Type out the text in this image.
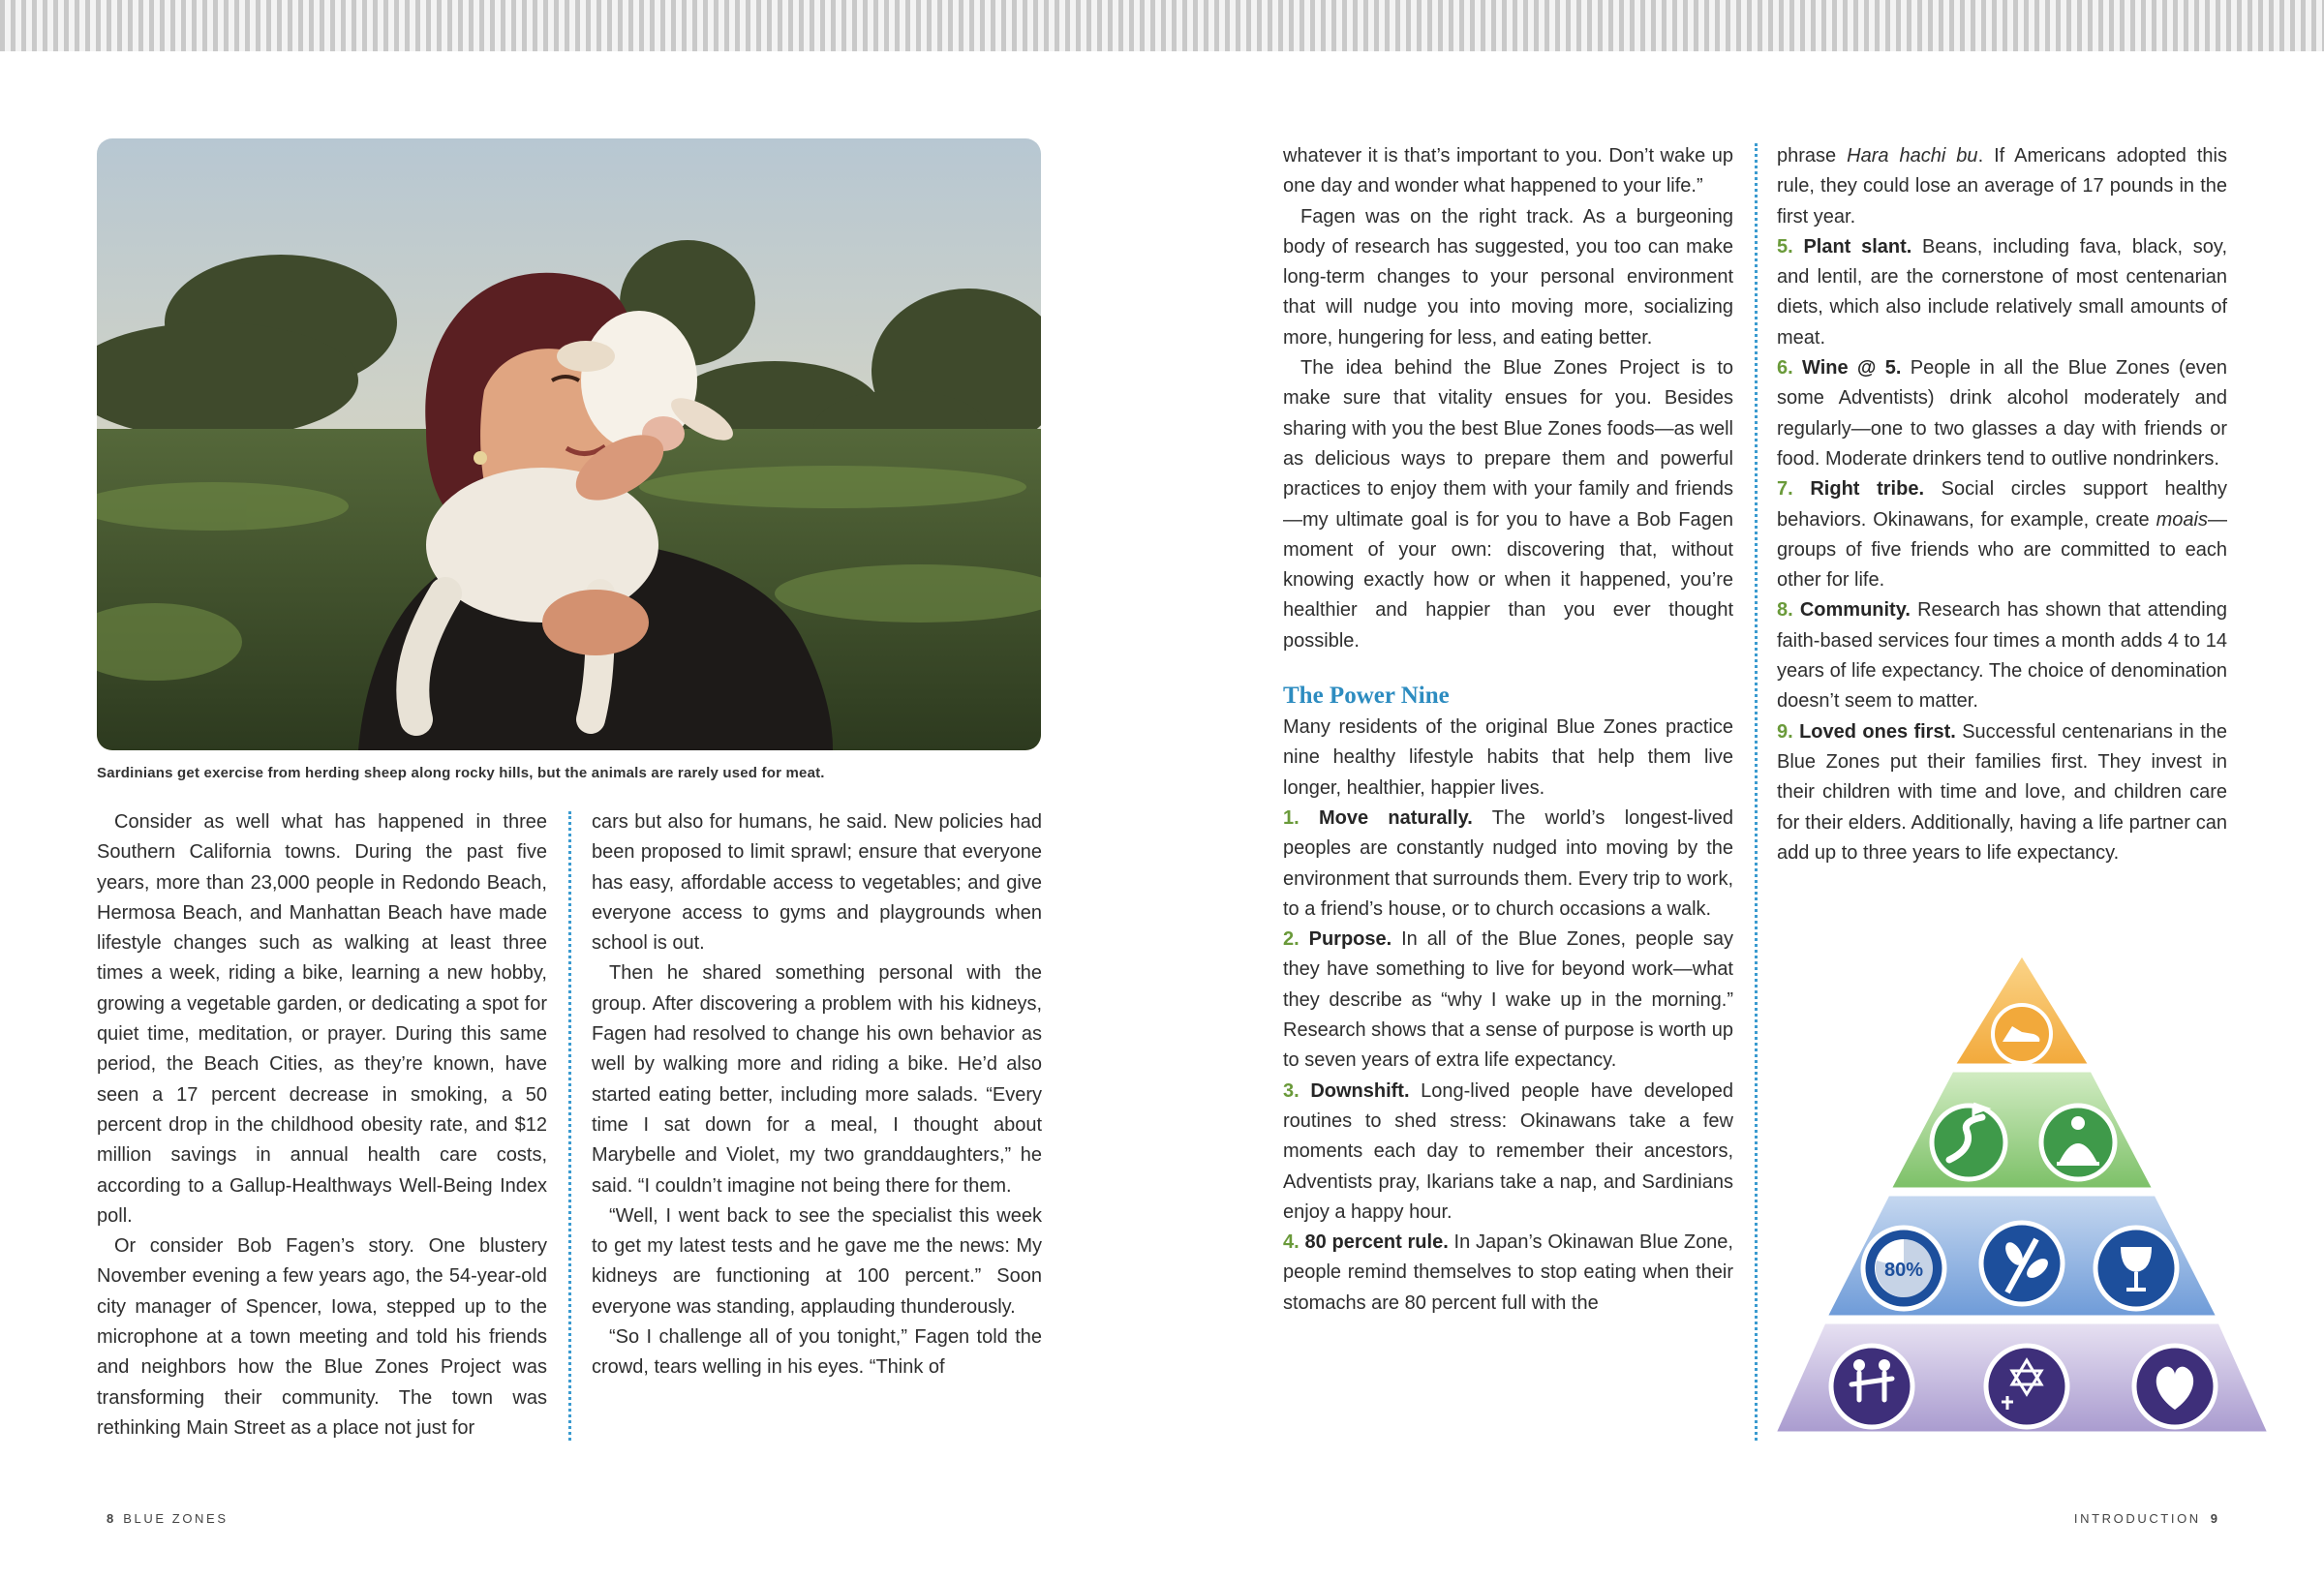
Sardinians get exercise from herding sheep along rocky hills, but the animals are rarely used for meat.

Consider as well what has happened in three Southern California towns. During the past five years, more than 23,000 people in Redondo Beach, Hermosa Beach, and Manhattan Beach have made lifestyle changes such as walking at least three times a week, riding a bike, learning a new hobby, growing a vegetable garden, or dedicating a spot for quiet time, meditation, or prayer. During this same period, the Beach Cities, as they’re known, have seen a 17 percent decrease in smoking, a 50 percent drop in the childhood obesity rate, and $12 million savings in annual health care costs, according to a Gallup-Healthways Well-Being Index poll.

Or consider Bob Fagen’s story. One blustery November evening a few years ago, the 54-year-old city manager of Spencer, Iowa, stepped up to the microphone at a town meeting and told his friends and neighbors how the Blue Zones Project was transforming their community. The town was rethinking Main Street as a place not just for

cars but also for humans, he said. New policies had been proposed to limit sprawl; ensure that everyone has easy, affordable access to vegetables; and give everyone access to gyms and playgrounds when school is out.

Then he shared something personal with the group. After discovering a problem with his kidneys, Fagen had resolved to change his own behavior as well by walking more and riding a bike. He’d also started eating better, including more salads. “Every time I sat down for a meal, I thought about Marybelle and Violet, my two granddaughters,” he said. “I couldn’t imagine not being there for them.

“Well, I went back to see the specialist this week to get my latest tests and he gave me the news: My kidneys are functioning at 100 percent.” Soon everyone was standing, applauding thunderously.

“So I challenge all of you tonight,” Fagen told the crowd, tears welling in his eyes. “Think of

whatever it is that’s important to you. Don’t wake up one day and wonder what happened to your life.”

Fagen was on the right track. As a burgeoning body of research has suggested, you too can make long-term changes to your personal environment that will nudge you into moving more, socializing more, hungering for less, and eating better.

The idea behind the Blue Zones Project is to make sure that vitality ensues for you. Besides sharing with you the best Blue Zones foods—as well as delicious ways to prepare them and powerful practices to enjoy them with your family and friends—my ultimate goal is for you to have a Bob Fagen moment of your own: discovering that, without knowing exactly how or when it happened, you’re healthier and happier than you ever thought possible.

The Power Nine

Many residents of the original Blue Zones practice nine healthy lifestyle habits that help them live longer, healthier, happier lives.

1. Move naturally. The world’s longest-lived peoples are constantly nudged into moving by the environment that surrounds them. Every trip to work, to a friend’s house, or to church occasions a walk.

2. Purpose. In all of the Blue Zones, people say they have something to live for beyond work—what they describe as “why I wake up in the morning.” Research shows that a sense of purpose is worth up to seven years of extra life expectancy.

3. Downshift. Long-lived people have developed routines to shed stress: Okinawans take a few moments each day to remember their ancestors, Adventists pray, Ikarians take a nap, and Sardinians enjoy a happy hour.

4. 80 percent rule. In Japan’s Okinawan Blue Zone, people remind themselves to stop eating when their stomachs are 80 percent full with the

phrase Hara hachi bu. If Americans adopted this rule, they could lose an average of 17 pounds in the first year.

5. Plant slant. Beans, including fava, black, soy, and lentil, are the cornerstone of most centenarian diets, which also include relatively small amounts of meat.

6. Wine @ 5. People in all the Blue Zones (even some Adventists) drink alcohol moderately and regularly—one to two glasses a day with friends or food. Moderate drinkers tend to outlive nondrinkers.

7. Right tribe. Social circles support healthy behaviors. Okinawans, for example, create moais—groups of five friends who are committed to each other for life.

8. Community. Research has shown that attending faith-based services four times a month adds 4 to 14 years of life expectancy. The choice of denomination doesn’t seem to matter.

9. Loved ones first. Successful centenarians in the Blue Zones put their families first. They invest in their children with time and love, and children care for their elders. Additionally, having a life partner can add up to three years to life expectancy.

80%
8 BLUE ZONES	INTRODUCTION 9
